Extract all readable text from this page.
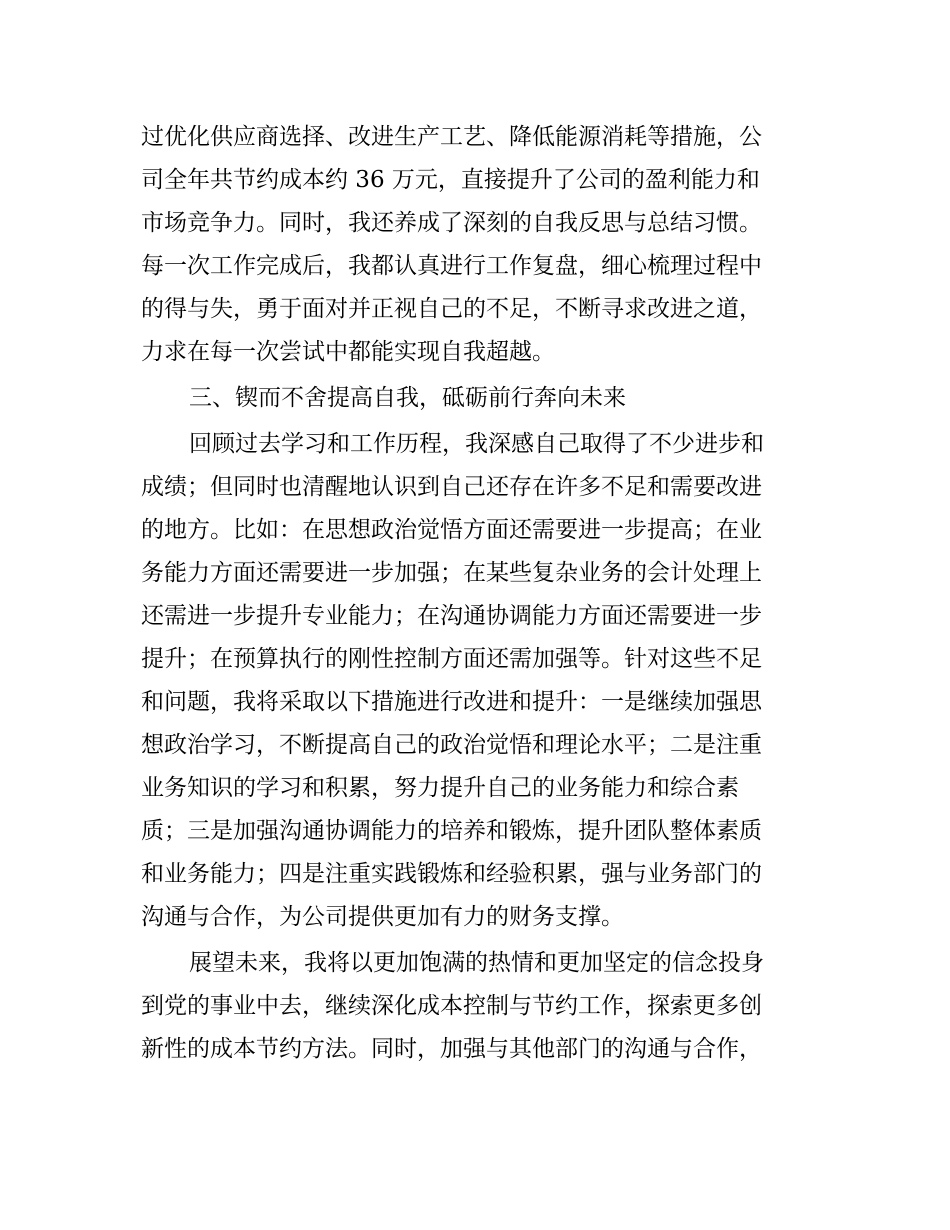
过优化供应商选择、改进生产工艺、降低能源消耗等措施，公
司全年共节约成本约 36 万元，直接提升了公司的盈利能力和
市场竞争力。同时，我还养成了深刻的自我反思与总结习惯。
每一次工作完成后，我都认真进行工作复盘，细心梳理过程中
的得与失，勇于面对并正视自己的不足，不断寻求改进之道，
力求在每一次尝试中都能实现自我超越。
三、锲而不舍提高自我，砥砺前行奔向未来
回顾过去学习和工作历程，我深感自己取得了不少进步和
成绩；但同时也清醒地认识到自己还存在许多不足和需要改进
的地方。比如：在思想政治觉悟方面还需要进一步提高；在业
务能力方面还需要进一步加强；在某些复杂业务的会计处理上
还需进一步提升专业能力；在沟通协调能力方面还需要进一步
提升；在预算执行的刚性控制方面还需加强等。针对这些不足
和问题，我将采取以下措施进行改进和提升：一是继续加强思
想政治学习，不断提高自己的政治觉悟和理论水平；二是注重
业务知识的学习和积累，努力提升自己的业务能力和综合素
质；三是加强沟通协调能力的培养和锻炼，提升团队整体素质
和业务能力；四是注重实践锻炼和经验积累，强与业务部门的
沟通与合作，为公司提供更加有力的财务支撑。
展望未来，我将以更加饱满的热情和更加坚定的信念投身
到党的事业中去，继续深化成本控制与节约工作，探索更多创
新性的成本节约方法。同时，加强与其他部门的沟通与合作，
